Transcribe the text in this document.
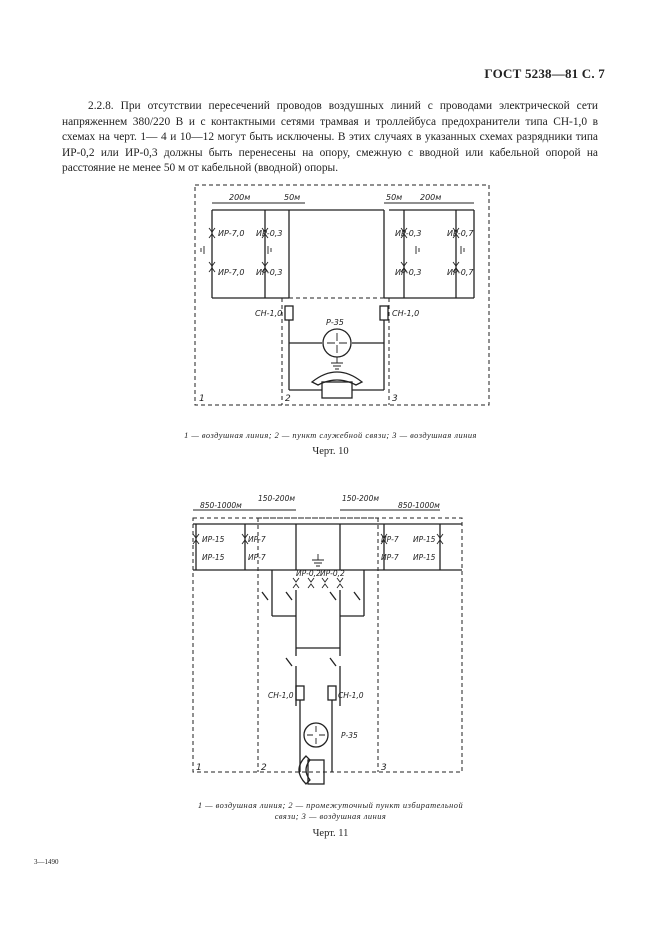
ГОСТ 5238—81 С. 7

2.2.8. При отсутствии пересечений проводов воздушных линий с проводами электрической сети напряженнем 380/220 В и с контактными сетями трамвая и троллейбуса предохранители типа СН-1,0 в схемах на черт. 1— 4 и 10—12 могут быть исключены. В этих случаях в указанных схемах разрядники типа ИР-0,2 или ИР-0,3 должны быть перенесены на опору, смежную с вводной или кабельной опорой на расстояние не менее 50 м от кабельной (вводной) опоры.

200м	50м	50м 200м
ИР-7,0 ИР-0,3
ИР-7,0 ИР-0,3
ИР-0,3	ИР-0,7
ИР-0,3	ИР-0,7
СН-1,0	СН-1,0
Р-35
1	2	3
1 — воздушная линия; 2 — пункт служебной связи; 3 — воздушная линия
Черт. 10
850-1000м
150-200м	150-200м
850-1000м
ИР-15
ИР-15
ИР-7
ИР-7
ИР-0,2 ИР-0,2
ИР-7
ИР-7
ИР-15
ИР-15
СН-1,0	СН-1,0
Р-35
1	2	3
1 — воздушная линия; 2 — промежуточный пункт избирательной
связи; 3 — воздушная линия
Черт. 11
3—1490
